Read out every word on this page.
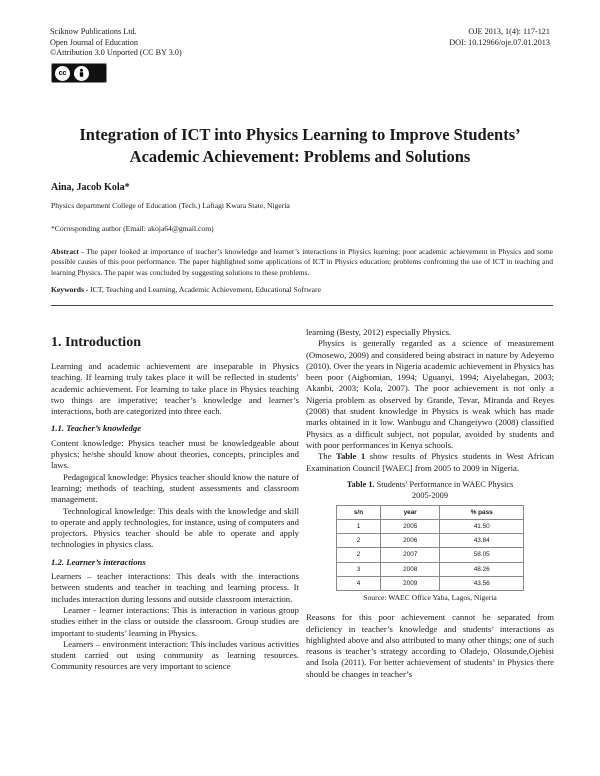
Sciknow Publications Ltd.
Open Journal of Education
©Attribution 3.0 Unported (CC BY 3.0)
OJE 2013, 1(4): 117-121
DOI: 10.12966/oje.07.01.2013
cc
Integration of ICT into Physics Learning to Improve Students’
Academic Achievement: Problems and Solutions
Aina, Jacob Kola*
Physics department College of Education (Tech.) Lafiagi Kwara State, Nigeria
*Corresponding author (Email: akoja64@gmail.com)
Abstract - The paper looked at importance of teacher’s knowledge and learner’s interactions in Physics learning; poor academic achievement in Physics and some possible causes of this poor performance. The paper highlighted some applications of ICT in Physics education; problems confronting the use of ICT in teaching and learning Physics. The paper was concluded by suggesting solutions to these problems.
Keywords - ICT, Teaching and Learning, Academic Achievement, Educational Software
1. Introduction

Learning and academic achievement are inseparable in Physics teaching. If learning truly takes place it will be reflected in students’ academic achievement. For learning to take place in Physics teaching two things are imperative; teacher’s knowledge and learner’s interactions, both are categorized into three each.

1.1. Teacher’s knowledge

Content knowledge: Physics teacher must be knowledgeable about physics; he/she should know about theories, concepts, principles and laws.

Pedagogical knowledge: Physics teacher should know the nature of learning; methods of teaching, student assessments and classroom management.

Technological knowledge: This deals with the knowledge and skill to operate and apply technologies, for instance, using of computers and projectors. Physics teacher should be able to operate and apply technologies in physics class.

1.2. Learner’s interactions

Learners – teacher interactions: This deals with the interactions between students and teacher in teaching and learning process. It includes interaction during lessons and outside classroom interaction.

Learner - learner interactions: This is interaction in various group studies either in the class or outside the classroom. Group studies are important to students’ learning in Physics.

Learners – environment interaction: This includes various activities student carried out using community as learning resources. Community resources are very important to science

learning (Besty, 2012) especially Physics.

Physics is generally regarded as a science of measurement (Omosewo, 2009) and considered being abstract in nature by Adeyemo (2010). Over the years in Nigeria academic achievement in Physics has been poor (Aigbomian, 1994; Uguanyi, 1994; Aiyelabegan, 2003; Akanbi, 2003; Kola, 2007). The poor achievement is not only a Nigeria problem as observed by Grande, Tevar, Miranda and Reyes (2008) that student knowledge in Physics is weak which has made marks obtained in it low. Wanbugu and Changeiywo (2008) classified Physics as a difficult subject, not popular, avoided by students and with poor performances in Kenya schools.

The Table 1 show results of Physics students in West African Examination Council [WAEC] from 2005 to 2009 in Nigeria.

Table 1. Students’ Performance in WAEC Physics
2005-2009
s/n	year	% pass
1	2005	41.50
2	2006	43.84
2	2007	58.05
3	2008	48.26
4	2009	43.56
Source: WAEC Office Yaba, Lagos, Nigeria

Reasons for this poor achievement cannot be separated from deficiency in teacher’s knowledge and students’ interactions as highlighted above and also attributed to many other things; one of such reasons is teacher’s strategy according to Oladejo, Olosunde,Ojebisi and Isola (2011). For better achievement of students’ in Physics there should be changes in teacher’s
